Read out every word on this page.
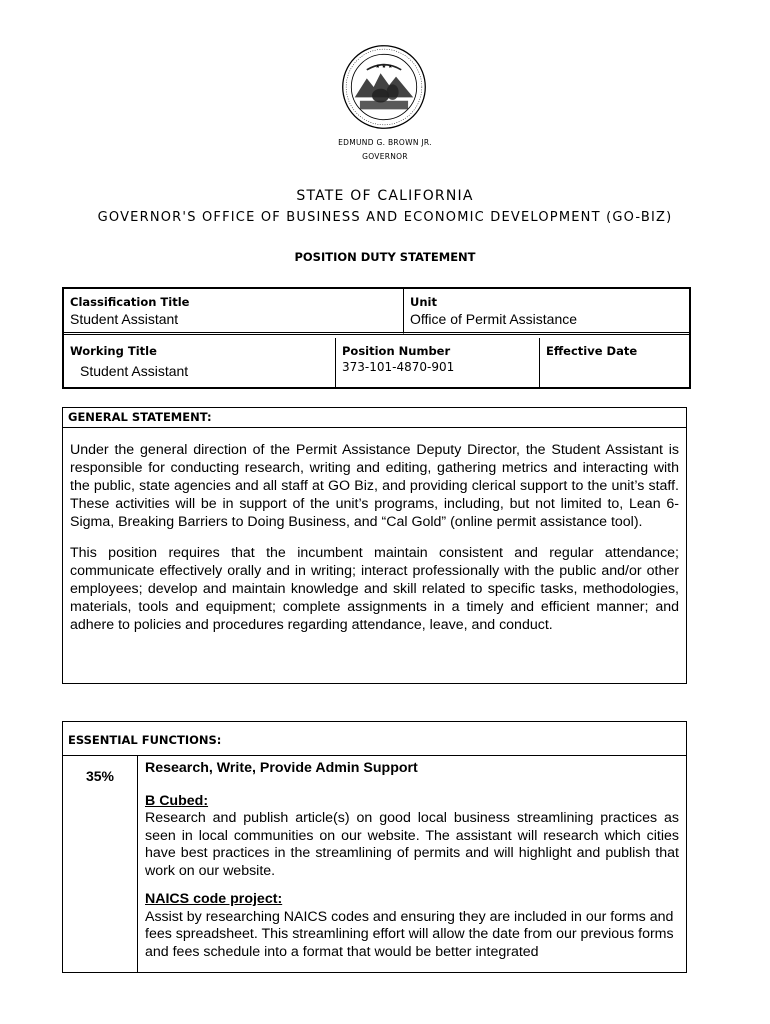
★ ★ ★
EDMUND G. BROWN JR.
GOVERNOR
STATE OF CALIFORNIA
GOVERNOR'S OFFICE OF BUSINESS AND ECONOMIC DEVELOPMENT (GO-BIZ)
POSITION DUTY STATEMENT
Classification Title
Student Assistant
Unit
Office of Permit Assistance
Working Title
Student Assistant
Position Number
373-101-4870-901
Effective Date
GENERAL STATEMENT:
Under the general direction of the Permit Assistance Deputy Director, the Student Assistant is responsible for conducting research, writing and editing, gathering metrics and interacting with the public, state agencies and all staff at GO Biz, and providing clerical support to the unit’s staff. These activities will be in support of the unit’s programs, including, but not limited to, Lean 6- Sigma, Breaking Barriers to Doing Business, and “Cal Gold” (online permit assistance tool).
This position requires that the incumbent maintain consistent and regular attendance; communicate effectively orally and in writing; interact professionally with the public and/or other employees; develop and maintain knowledge and skill related to specific tasks, methodologies, materials, tools and equipment; complete assignments in a timely and efficient manner; and adhere to policies and procedures regarding attendance, leave, and conduct.
ESSENTIAL FUNCTIONS:
35%	Research, Write, Provide Admin Support
B Cubed:

Research and publish article(s) on good local business streamlining practices as seen in local communities on our website. The assistant will research which cities have best practices in the streamlining of permits and will highlight and publish that work on our website.

NAICS code project:

Assist by researching NAICS codes and ensuring they are included in our forms and fees spreadsheet. This streamlining effort will allow the date from our previous forms and fees schedule into a format that would be better integrated
